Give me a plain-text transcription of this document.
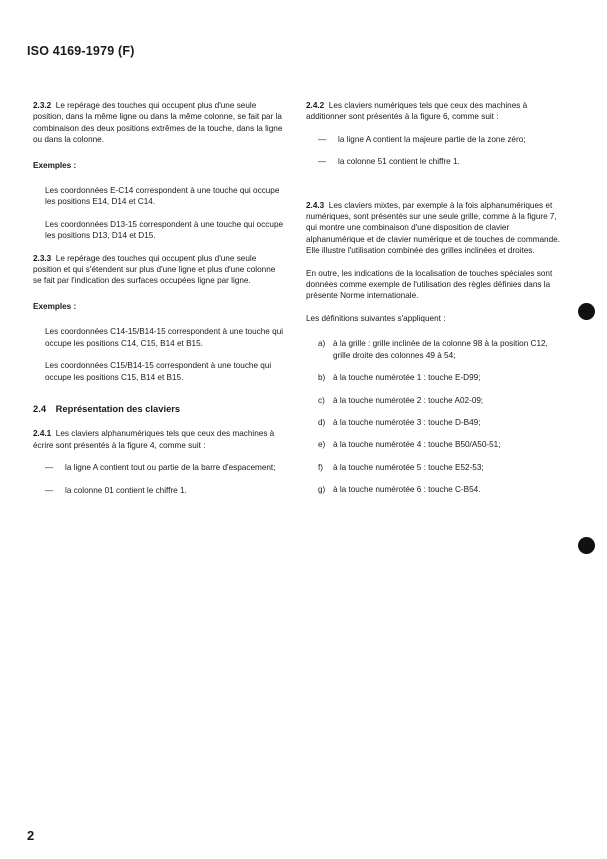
ISO 4169-1979 (F)

2.3.2 Le repérage des touches qui occupent plus d'une seule position, dans la même ligne ou dans la même colonne, se fait par la combinaison des deux positions extrêmes de la touche, dans la ligne ou dans la colonne.

Exemples :

Les coordonnées E-C14 correspondent à une touche qui occupe les positions E14, D14 et C14.

Les coordonnées D13-15 correspondent à une touche qui occupe les positions D13, D14 et D15.

2.3.3 Le repérage des touches qui occupent plus d'une seule position et qui s'étendent sur plus d'une ligne et plus d'une colonne se fait par l'indication des surfaces occupées ligne par ligne.

Exemples :

Les coordonnées C14-15/B14-15 correspondent à une touche qui occupe les positions C14, C15, B14 et B15.

Les coordonnées C15/B14-15 correspondent à une touche qui occupe les positions C15, B14 et B15.

2.4 Représentation des claviers

2.4.1 Les claviers alphanumériques tels que ceux des machines à écrire sont présentés à la figure 4, comme suit :

—	la ligne A contient tout ou partie de la barre d'espacement;
—	la colonne 01 contient le chiffre 1.

2.4.2 Les claviers numériques tels que ceux des machines à additionner sont présentés à la figure 6, comme suit :

—	la ligne A contient la majeure partie de la zone zéro;
—	la colonne 51 contient le chiffre 1.

2.4.3 Les claviers mixtes, par exemple à la fois alphanumériques et numériques, sont présentés sur une seule grille, comme à la figure 7, qui montre une combinaison d'une disposition de clavier alphanumérique et de clavier numérique et de touches de commande. Elle illustre l'utilisation combinée des grilles inclinées et droites.

En outre, les indications de la localisation de touches spéciales sont données comme exemple de l'utilisation des règles définies dans la présente Norme internationale.

Les définitions suivantes s'appliquent :

a) à la grille : grille inclinée de la colonne 98 à la position C12, grille droite des colonnes 49 à 54;
b) à la touche numérotée 1 : touche E-D99;
c) à la touche numérotée 2 : touche A02-09;
d) à la touche numérotée 3 : touche D-B49;
e) à la touche numérotée 4 : touche B50/A50-51;
f)	à la touche numérotée 5 : touche E52-53;
g) à la touche numérotée 6 : touche C-B54.
2
